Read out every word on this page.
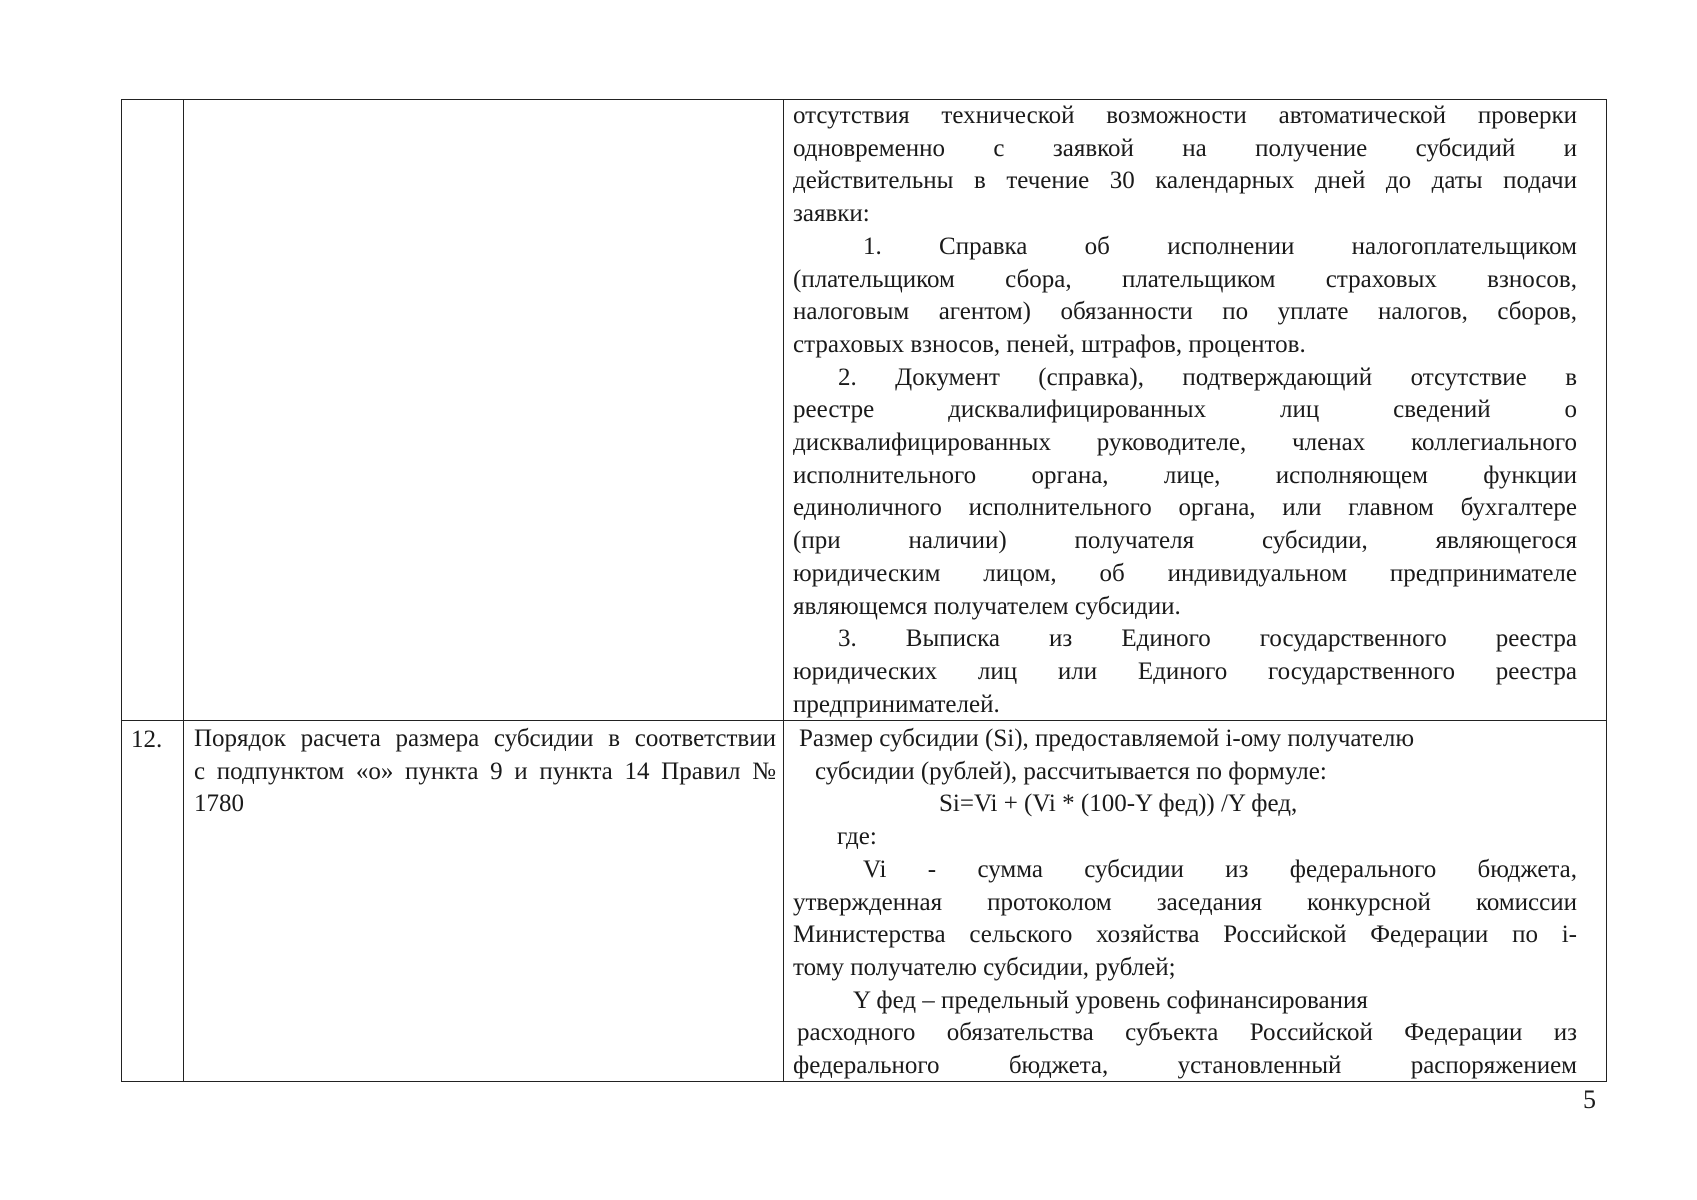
отсутствия технической возможности автоматической проверки
одновременно с заявкой на получение субсидий и
действительны в течение 30 календарных дней до даты подачи
заявки:
1. Справка об исполнении налогоплательщиком
(плательщиком сбора, плательщиком страховых взносов,
налоговым агентом) обязанности по уплате налогов, сборов,
страховых взносов, пеней, штрафов, процентов.
2. Документ (справка), подтверждающий отсутствие в
реестре дисквалифицированных лиц сведений о
дисквалифицированных руководителе, членах коллегиального
исполнительного органа, лице, исполняющем функции
единоличного исполнительного органа, или главном бухгалтере
(при наличии) получателя субсидии, являющегося
юридическим лицом, об индивидуальном предпринимателе
являющемся получателем субсидии.
3. Выписка из Единого государственного реестра
юридических лиц или Единого государственного реестра
предпринимателей.
12. Порядок расчета размера субсидии в соответствии
с подпунктом «о» пункта 9 и пункта 14 Правил №
1780
Размер субсидии (Si), предоставляемой i-ому получателю
субсидии (рублей), рассчитывается по формуле:
Si=Vi + (Vi * (100-Y фед)) /Y фед,
где:
Vi - сумма субсидии из федерального бюджета,
утвержденная протоколом заседания конкурсной комиссии
Министерства сельского хозяйства Российской Федерации по i-
тому получателю субсидии, рублей;
Y фед – предельный уровень софинансирования
расходного обязательства субъекта Российской Федерации из
федерального бюджета, установленный распоряжением
5
